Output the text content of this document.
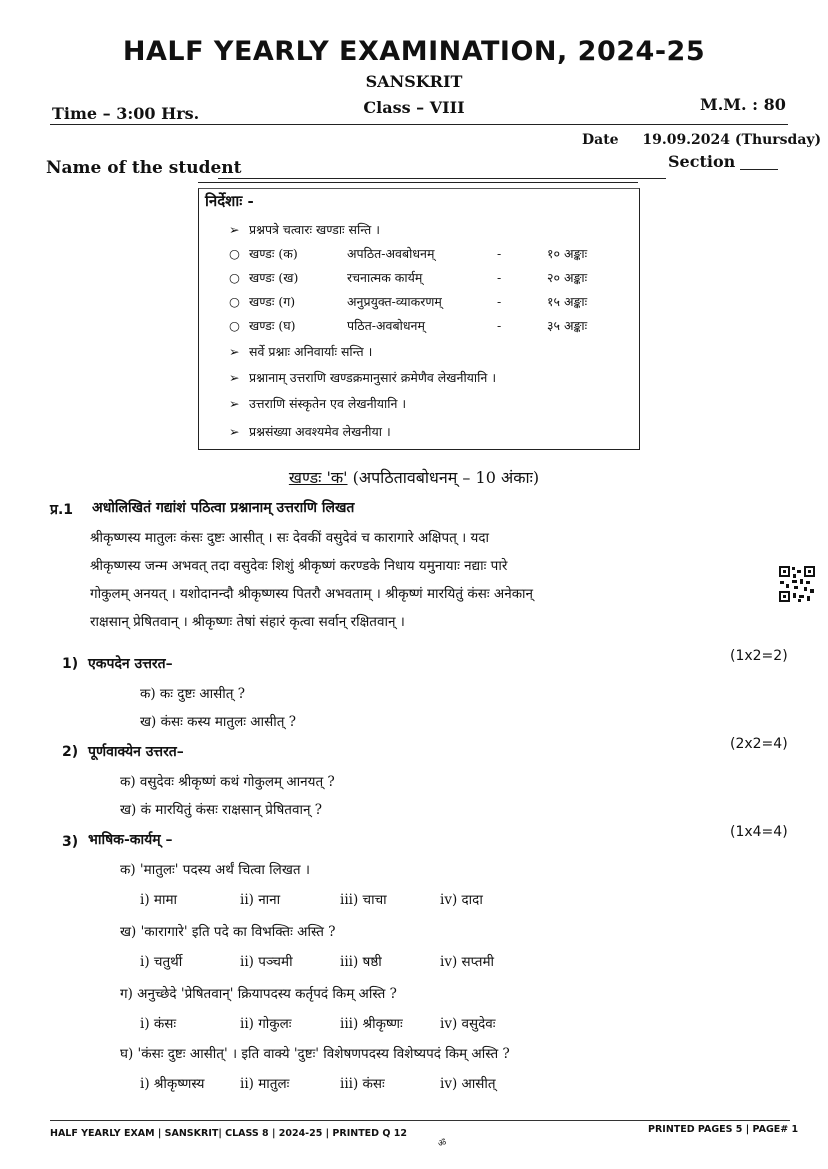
HALF YEARLY EXAMINATION, 2024-25
SANSKRIT
Time – 3:00 Hrs.	Class – VIII	M.M. : 80
Date 19.09.2024 (Thursday)
Name of the student	Section
निर्देशाः -
➢ प्रश्नपत्रे चत्वारः खण्डाः सन्ति ।
○ खण्डः (क)	अपठित-अवबोधनम्	-	१० अङ्काः
○ खण्डः (ख)	रचनात्मक कार्यम्	-	२० अङ्काः
○ खण्डः (ग)	अनुप्रयुक्त-व्याकरणम्	-	१५ अङ्काः
○ खण्डः (घ)	पठित-अवबोधनम्	-	३५ अङ्काः
➢ सर्वे प्रश्नाः अनिवार्याः सन्ति ।
➢ प्रश्नानाम् उत्तराणि खण्डक्रमानुसारं क्रमेणैव लेखनीयानि ।
➢ उत्तराणि संस्कृतेन एव लेखनीयानि ।
➢ प्रश्नसंख्या अवश्यमेव लेखनीया ।
खण्डः 'क' (अपठितावबोधनम् – 10 अंकाः)
प्र.1 अधोलिखितं गद्यांशं पठित्वा प्रश्नानाम् उत्तराणि लिखत
श्रीकृष्णस्य मातुलः कंसः दुष्टः आसीत् । सः देवकीं वसुदेवं च कारागारे अक्षिपत् । यदा
श्रीकृष्णस्य जन्म अभवत् तदा वसुदेवः शिशुं श्रीकृष्णं करण्डके निधाय यमुनायाः नद्याः पारे
गोकुलम् अनयत् । यशोदानन्दौ श्रीकृष्णस्य पितरौ अभवताम् । श्रीकृष्णं मारयितुं कंसः अनेकान्
राक्षसान् प्रेषितवान् । श्रीकृष्णः तेषां संहारं कृत्वा सर्वान् रक्षितवान् ।
1) एकपदेन उत्तरत–	(1x2=2)
क) कः दुष्टः आसीत् ?
ख) कंसः कस्य मातुलः आसीत् ?
2) पूर्णवाक्येन उत्तरत–	(2x2=4)
क) वसुदेवः श्रीकृष्णं कथं गोकुलम् आनयत् ?
ख) कं मारयितुं कंसः राक्षसान् प्रेषितवान् ?
3) भाषिक-कार्यम् –	(1x4=4)
क) 'मातुलः' पदस्य अर्थं चित्वा लिखत ।
i) मामा	ii) नाना	iii) चाचा	iv) दादा
ख) 'कारागारे' इति पदे का विभक्तिः अस्ति ?
i) चतुर्थी	ii) पञ्चमी	iii) षष्ठी	iv) सप्तमी
ग) अनुच्छेदे 'प्रेषितवान्' क्रियापदस्य कर्तृपदं किम् अस्ति ?
i) कंसः	ii) गोकुलः	iii) श्रीकृष्णः	iv) वसुदेवः
घ) 'कंसः दुष्टः आसीत्' । इति वाक्ये 'दुष्टः' विशेषणपदस्य विशेष्यपदं किम् अस्ति ?
i) श्रीकृष्णस्य	ii) मातुलः	iii) कंसः	iv) आसीत्
HALF YEARLY EXAM | SANSKRIT| CLASS 8 | 2024-25 | PRINTED Q 12
ॐ
PRINTED PAGES 5 | PAGE# 1
